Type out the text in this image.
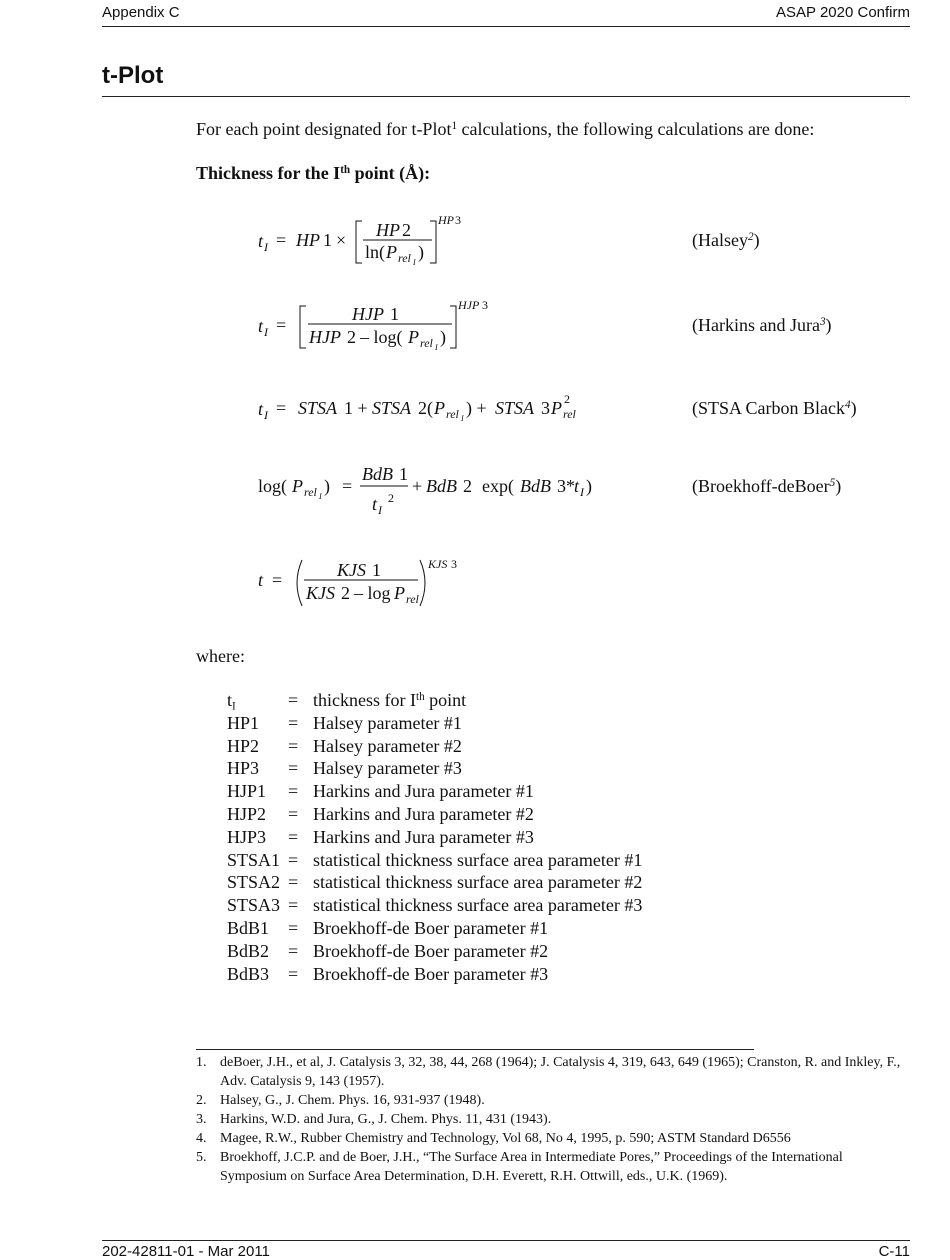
Appendix C	ASAP 2020 Confirm
t-Plot
For each point designated for t-Plot$^1$ calculations, the following calculations are done:
Thickness for the Ith point (Å):
t I = HP 1 × HP 2
ln( P rel I
)
HP 3
(Halsey$^2$)
t I =
HJP 1
HJP 2 – log( P rel I
)
HJP 3
(Harkins and Jura$^3$)
t I = STSA 1 + STSA 2( P rel I
) + STSA 3 P 2
rel	(STSA Carbon Black$^4$)
log( P rel I
) =
BdB 1
t I
2
+ BdB 2 exp( BdB 3* t I )	(Broekhoff-deBoer$^5$)
t =	KJS 1
KJS 2 – log P rel
KJS 3
where:
$t_I$	= thickness for Ith point
HP1 = Halsey parameter #1
HP2 = Halsey parameter #2
HP3 = Halsey parameter #3
HJP1 = Harkins and Jura parameter #1
HJP2 = Harkins and Jura parameter #2
HJP3 = Harkins and Jura parameter #3
STSA1 = statistical thickness surface area parameter #1
STSA2 = statistical thickness surface area parameter #2
STSA3 = statistical thickness surface area parameter #3
BdB1 = Broekhoff-de Boer parameter #1
BdB2 = Broekhoff-de Boer parameter #2
BdB3 = Broekhoff-de Boer parameter #3
1. deBoer, J.H., et al, J. Catalysis 3, 32, 38, 44, 268 (1964); J. Catalysis 4, 319, 643, 649 (1965); Cranston, R. and Inkley, F., Adv. Catalysis 9, 143 (1957).
2. Halsey, G., J. Chem. Phys. 16, 931-937 (1948).
3. Harkins, W.D. and Jura, G., J. Chem. Phys. 11, 431 (1943).
4. Magee, R.W., Rubber Chemistry and Technology, Vol 68, No 4, 1995, p. 590; ASTM Standard D6556
5. Broekhoff, J.C.P. and de Boer, J.H., “The Surface Area in Intermediate Pores,” Proceedings of the International Symposium on Surface Area Determination, D.H. Everett, R.H. Ottwill, eds., U.K. (1969).
202-42811-01 - Mar 2011	C-11
